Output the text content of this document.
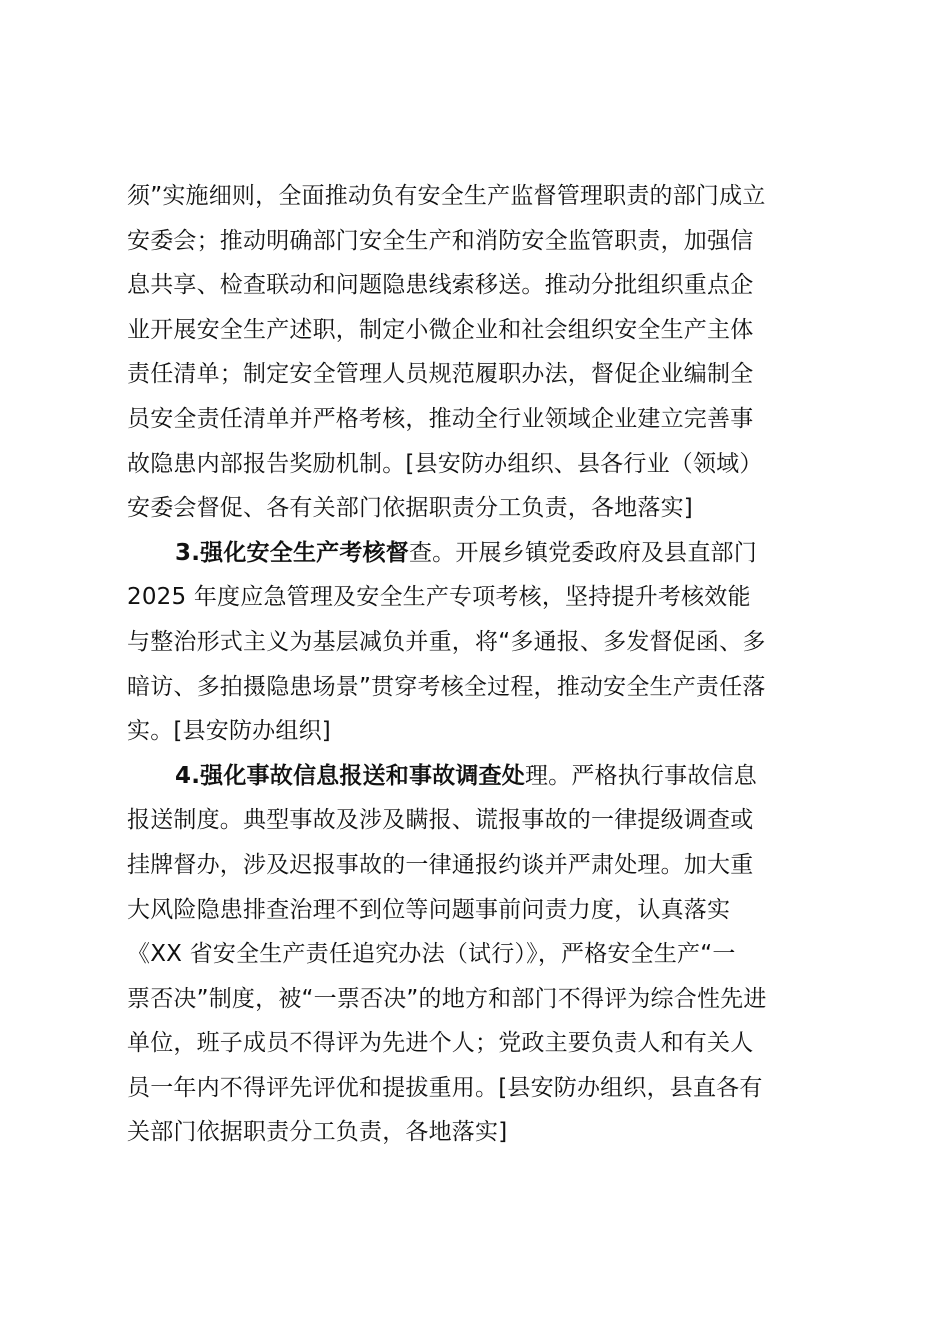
须”实施细则，全面推动负有安全生产监督管理职责的部门成立
安委会；推动明确部门安全生产和消防安全监管职责，加强信
息共享、检查联动和问题隐患线索移送。推动分批组织重点企
业开展安全生产述职，制定小微企业和社会组织安全生产主体
责任清单；制定安全管理人员规范履职办法，督促企业编制全
员安全责任清单并严格考核，推动全行业领域企业建立完善事
故隐患内部报告奖励机制。[县安防办组织、县各行业（领域）
安委会督促、各有关部门依据职责分工负责，各地落实]

3.强化安全生产考核督查。开展乡镇党委政府及县直部门
2025 年度应急管理及安全生产专项考核，坚持提升考核效能
与整治形式主义为基层减负并重，将“多通报、多发督促函、多
暗访、多拍摄隐患场景”贯穿考核全过程，推动安全生产责任落
实。[县安防办组织]

4.强化事故信息报送和事故调查处理。严格执行事故信息
报送制度。典型事故及涉及瞒报、谎报事故的一律提级调查或
挂牌督办，涉及迟报事故的一律通报约谈并严肃处理。加大重
大风险隐患排查治理不到位等问题事前问责力度，认真落实
《XX 省安全生产责任追究办法（试行）》，严格安全生产“一
票否决”制度，被“一票否决”的地方和部门不得评为综合性先进
单位，班子成员不得评为先进个人；党政主要负责人和有关人
员一年内不得评先评优和提拔重用。[县安防办组织，县直各有
关部门依据职责分工负责，各地落实]
